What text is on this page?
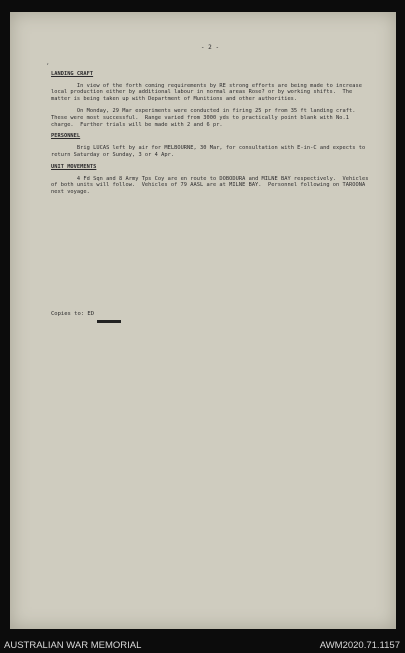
,
- 2 -
LANDING CRAFT

In view of the forth coming requirements by RE strong efforts are being made to increase local production either by additional labour in normal areas Rose? or by working shifts.  The matter is being taken up with Department of Munitions and other authorities.

On Monday, 29 Mar experiments were conducted in firing 25 pr from 35 ft landing craft.  These were most successful.  Range varied from 3000 yds to practically point blank with No.1 charge.  Further trials will be made with 2 and 6 pr.

PERSONNEL

Brig LUCAS left by air for MELBOURNE, 30 Mar, for consultation with E-in-C and expects to return Saturday or Sunday, 3 or 4 Apr.

UNIT MOVEMENTS

4 Fd Sqn and 8 Army Tps Coy are en route to DOBODURA and MILNE BAY respectively.  Vehicles of both units will follow.  Vehicles of 79 AASL are at MILNE BAY.  Personnel following on TAROONA next voyage.

Copies to: ED
AUSTRALIAN WAR MEMORIAL	AWM2020.71.1157
